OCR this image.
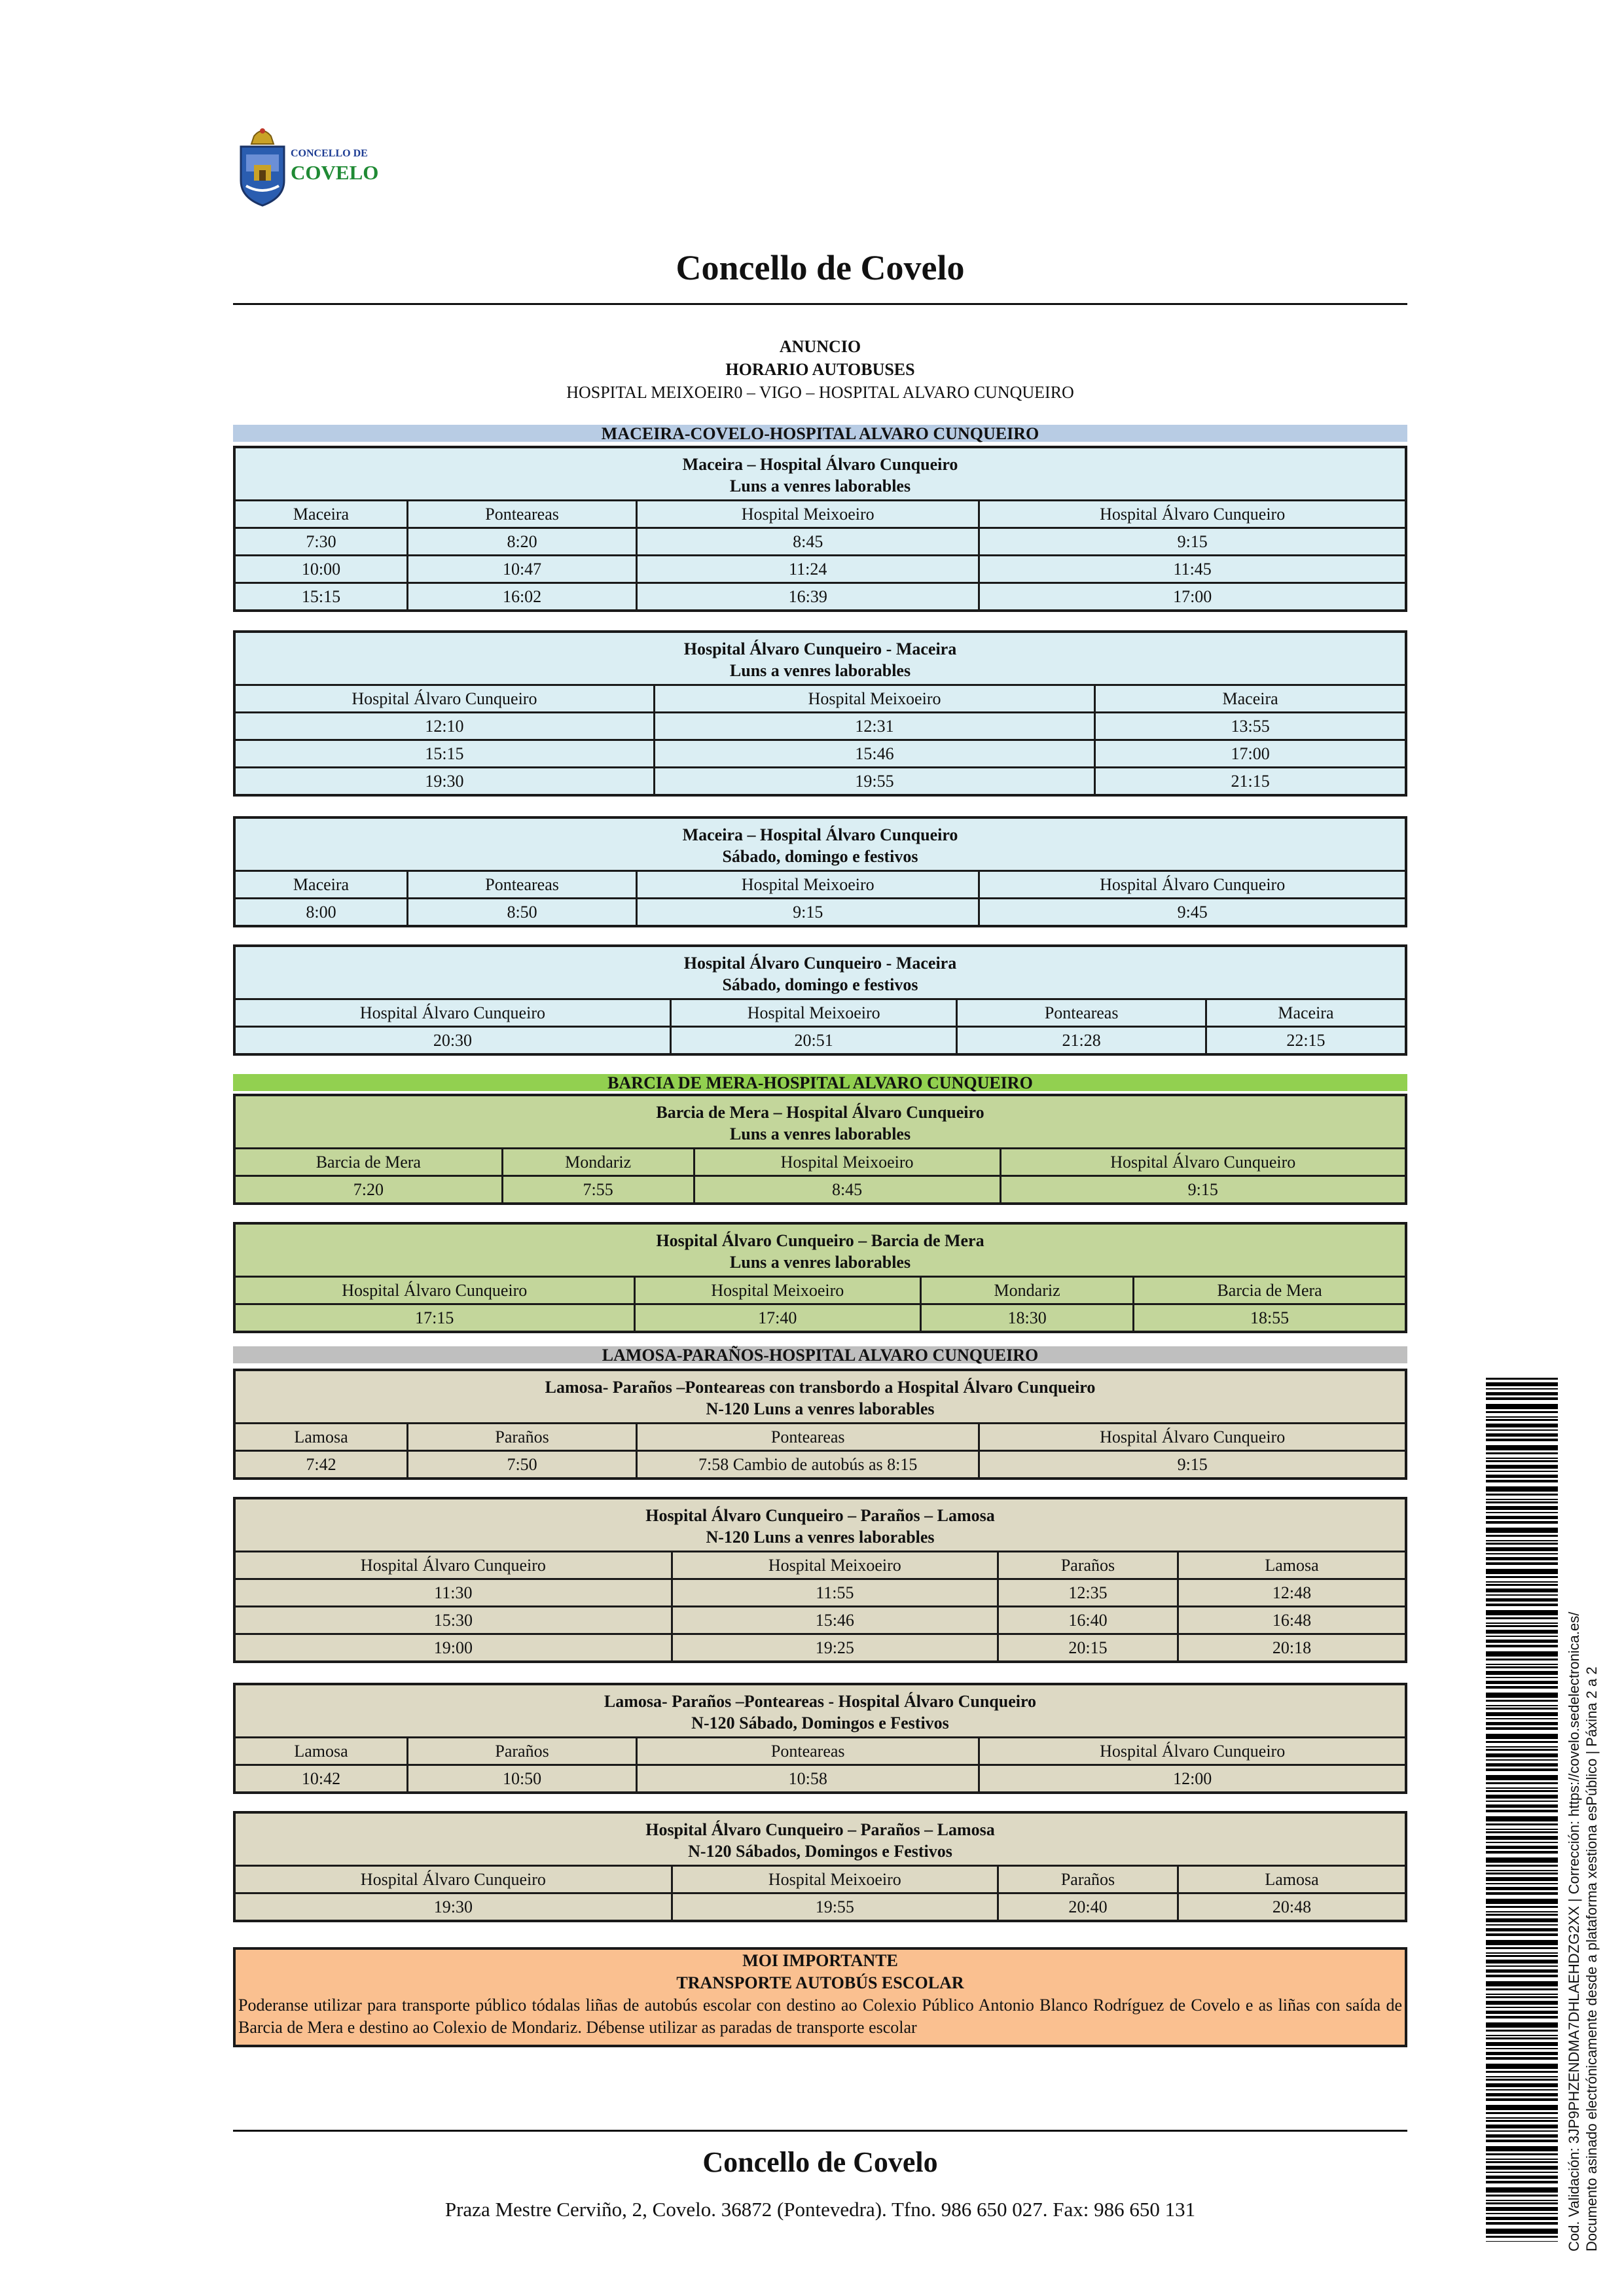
CONCELLO DE
COVELO
Concello de Covelo
ANUNCIO
HORARIO AUTOBUSES
HOSPITAL MEIXOEIR0 – VIGO – HOSPITAL ALVARO CUNQUEIRO
MACEIRA-COVELO-HOSPITAL ALVARO CUNQUEIRO
BARCIA DE MERA-HOSPITAL ALVARO CUNQUEIRO
LAMOSA-PARAÑOS-HOSPITAL ALVARO CUNQUEIRO
Maceira – Hospital Álvaro Cunqueiro
Luns a venres laborables			

Maceira	Ponteareas	Hospital Meixoeiro	Hospital Álvaro Cunqueiro
7:30	8:20	8:45	9:15
10:00	10:47	11:24	11:45
15:15	16:02	16:39	17:00
Hospital Álvaro Cunqueiro - Maceira
Luns a venres laborables		

Hospital Álvaro Cunqueiro	Hospital Meixoeiro	Maceira
12:10	12:31	13:55
15:15	15:46	17:00
19:30	19:55	21:15
Maceira – Hospital Álvaro Cunqueiro
Sábado, domingo e festivos			

Maceira	Ponteareas	Hospital Meixoeiro	Hospital Álvaro Cunqueiro
8:00	8:50	9:15	9:45
Hospital Álvaro Cunqueiro - Maceira
Sábado, domingo e festivos			

Hospital Álvaro Cunqueiro	Hospital Meixoeiro	Ponteareas	Maceira
20:30	20:51	21:28	22:15
Barcia de Mera – Hospital Álvaro Cunqueiro
Luns a venres laborables			

Barcia de Mera	Mondariz	Hospital Meixoeiro	Hospital Álvaro Cunqueiro
7:20	7:55	8:45	9:15
Hospital Álvaro Cunqueiro – Barcia de Mera
Luns a venres laborables			

Hospital Álvaro Cunqueiro	Hospital Meixoeiro	Mondariz	Barcia de Mera
17:15	17:40	18:30	18:55
Lamosa- Paraños –Ponteareas con transbordo a Hospital Álvaro Cunqueiro
N-120 Luns a venres laborables			

Lamosa	Paraños	Ponteareas	Hospital Álvaro Cunqueiro
7:42	7:50	7:58 Cambio de autobús as 8:15	9:15
Hospital Álvaro Cunqueiro – Paraños – Lamosa
N-120 Luns a venres laborables			

Hospital Álvaro Cunqueiro	Hospital Meixoeiro	Paraños	Lamosa
11:30	11:55	12:35	12:48
15:30	15:46	16:40	16:48
19:00	19:25	20:15	20:18
Lamosa- Paraños –Ponteareas - Hospital Álvaro Cunqueiro
N-120 Sábado, Domingos e Festivos			

Lamosa	Paraños	Ponteareas	Hospital Álvaro Cunqueiro
10:42	10:50	10:58	12:00
Hospital Álvaro Cunqueiro – Paraños – Lamosa
N-120 Sábados, Domingos e Festivos			

Hospital Álvaro Cunqueiro	Hospital Meixoeiro	Paraños	Lamosa
19:30	19:55	20:40	20:48
MOI IMPORTANTE
TRANSPORTE AUTOBÚS ESCOLAR
Poderanse utilizar para transporte público tódalas liñas de autobús escolar con destino ao Colexio Público Antonio Blanco Rodríguez de Covelo e as liñas con saída de Barcia de Mera e destino ao Colexio de Mondariz. Débense utilizar as paradas de transporte escolar
Concello de Covelo
Praza Mestre Cerviño, 2, Covelo. 36872 (Pontevedra). Tfno. 986 650 027. Fax: 986 650 131	Cod. Validación: 3JP9PHZENDMA7DHLAEHDZG2XX | Corrección: https://covelo.sedelectronica.es/ Documento asinado electrónicamente desde a plataforma xestiona esPúblico | Páxina 2 a 2
